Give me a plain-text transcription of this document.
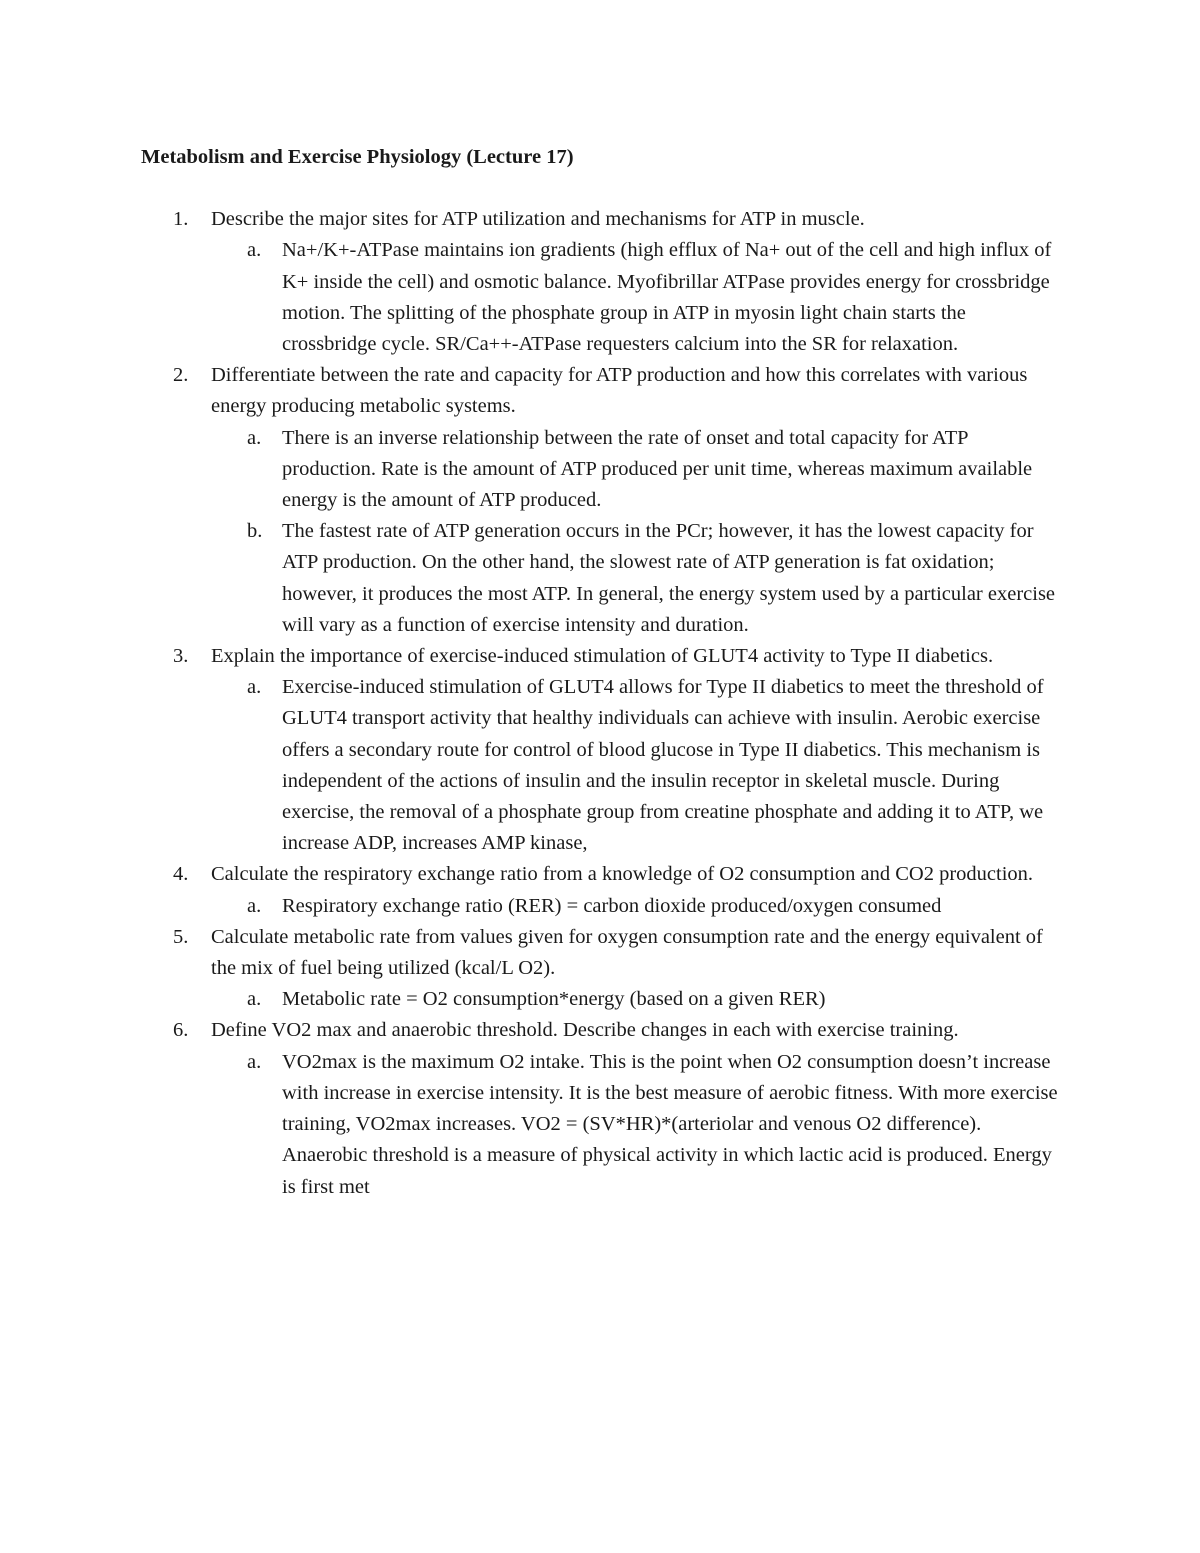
Metabolism and Exercise Physiology (Lecture 17)
1. Describe the major sites for ATP utilization and mechanisms for ATP in muscle.
a. Na+/K+-ATPase maintains ion gradients (high efflux of Na+ out of the cell and high influx of K+ inside the cell) and osmotic balance. Myofibrillar ATPase provides energy for crossbridge motion. The splitting of the phosphate group in ATP in myosin light chain starts the crossbridge cycle. SR/Ca++-ATPase requesters calcium into the SR for relaxation.
2. Differentiate between the rate and capacity for ATP production and how this correlates with various energy producing metabolic systems.
a. There is an inverse relationship between the rate of onset and total capacity for ATP production. Rate is the amount of ATP produced per unit time, whereas maximum available energy is the amount of ATP produced.
b. The fastest rate of ATP generation occurs in the PCr; however, it has the lowest capacity for ATP production. On the other hand, the slowest rate of ATP generation is fat oxidation; however, it produces the most ATP. In general, the energy system used by a particular exercise will vary as a function of exercise intensity and duration.
3. Explain the importance of exercise-induced stimulation of GLUT4 activity to Type II diabetics.
a. Exercise-induced stimulation of GLUT4 allows for Type II diabetics to meet the threshold of GLUT4 transport activity that healthy individuals can achieve with insulin. Aerobic exercise offers a secondary route for control of blood glucose in Type II diabetics. This mechanism is independent of the actions of insulin and the insulin receptor in skeletal muscle. During exercise, the removal of a phosphate group from creatine phosphate and adding it to ATP, we increase ADP, increases AMP kinase,
4. Calculate the respiratory exchange ratio from a knowledge of O2 consumption and CO2 production.
a. Respiratory exchange ratio (RER) = carbon dioxide produced/oxygen consumed
5. Calculate metabolic rate from values given for oxygen consumption rate and the energy equivalent of the mix of fuel being utilized (kcal/L O2).
a. Metabolic rate = O2 consumption*energy (based on a given RER)
6. Define VO2 max and anaerobic threshold. Describe changes in each with exercise training.
a. VO2max is the maximum O2 intake. This is the point when O2 consumption doesn’t increase with increase in exercise intensity. It is the best measure of aerobic fitness. With more exercise training, VO2max increases. VO2 = (SV*HR)*(arteriolar and venous O2 difference). Anaerobic threshold is a measure of physical activity in which lactic acid is produced. Energy is first met
